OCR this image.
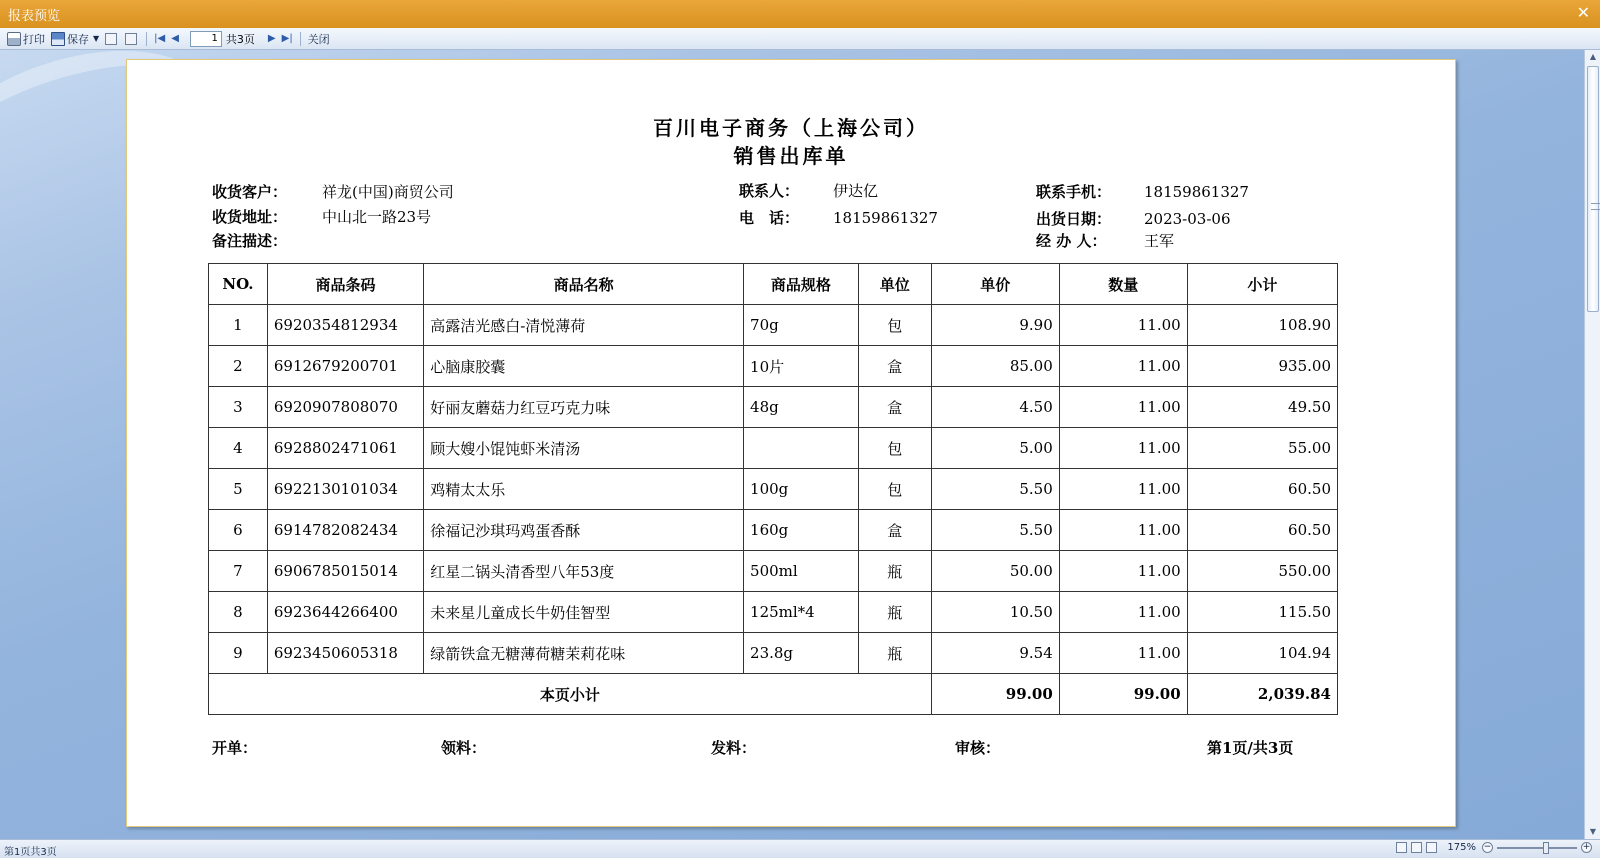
报表预览	✕
打印 保存 ▼	|◀ ◀
1	共3页 ▶ ▶| 关闭
▲
▼
百川电子商务（上海公司）
销售出库单
收货客户： 祥龙(中国)商贸公司	联系人： 伊达亿	联系手机： 18159861327
收货地址： 中山北一路23号	电　话： 18159861327	出货日期： 2023-03-06
备注描述：	经 办 人：	王军
NO.	商品条码	商品名称	商品规格	单位	单价	数量	小计
1	6920354812934	高露洁光感白-清悦薄荷	70g	包	9.90	11.00	108.90
2	6912679200701	心脑康胶囊	10片	盒	85.00	11.00	935.00
3	6920907808070	好丽友蘑菇力红豆巧克力味	48g	盒	4.50	11.00	49.50
4	6928802471061	顾大嫂小馄饨虾米清汤		包	5.00	11.00	55.00
5	6922130101034	鸡精太太乐	100g	包	5.50	11.00	60.50
6	6914782082434	徐福记沙琪玛鸡蛋香酥	160g	盒	5.50	11.00	60.50
7	6906785015014	红星二锅头清香型八年53度	500ml	瓶	50.00	11.00	550.00
8	6923644266400	未来星儿童成长牛奶佳智型	125ml*4	瓶	10.50	11.00	115.50
9	6923450605318	绿箭铁盒无糖薄荷糖茉莉花味	23.8g	瓶	9.54	11.00	104.94
本页小计					99.00	99.00	2,039.84
开单：	领料：	发料：	审核：	第1页/共3页
第1页共3页	175% −	+
